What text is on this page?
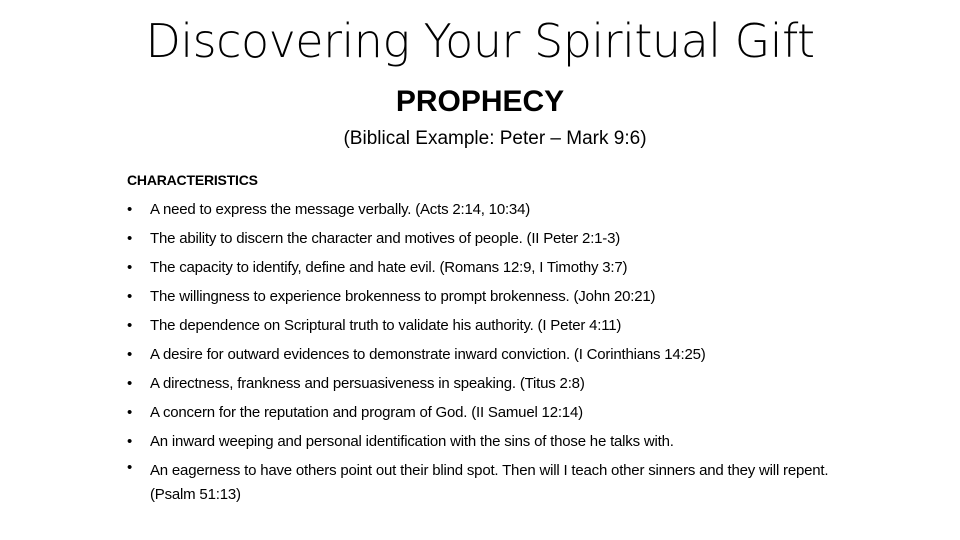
Discovering Your Spiritual Gift
PROPHECY
(Biblical Example: Peter – Mark 9:6)
CHARACTERISTICS
•	A need to express the message verbally. (Acts 2:14, 10:34)
•	The ability to discern the character and motives of people. (II Peter 2:1-3)
•	The capacity to identify, define and hate evil. (Romans 12:9, I Timothy 3:7)
•	The willingness to experience brokenness to prompt brokenness. (John 20:21)
•	The dependence on Scriptural truth to validate his authority. (I Peter 4:11)
•	A desire for outward evidences to demonstrate inward conviction. (I Corinthians 14:25)
•	A directness, frankness and persuasiveness in speaking. (Titus 2:8)
•	A concern for the reputation and program of God. (II Samuel 12:14)
•	An inward weeping and personal identification with the sins of those he talks with.
•	An eagerness to have others point out their blind spot. Then will I teach other sinners and they will repent. (Psalm 51:13)
